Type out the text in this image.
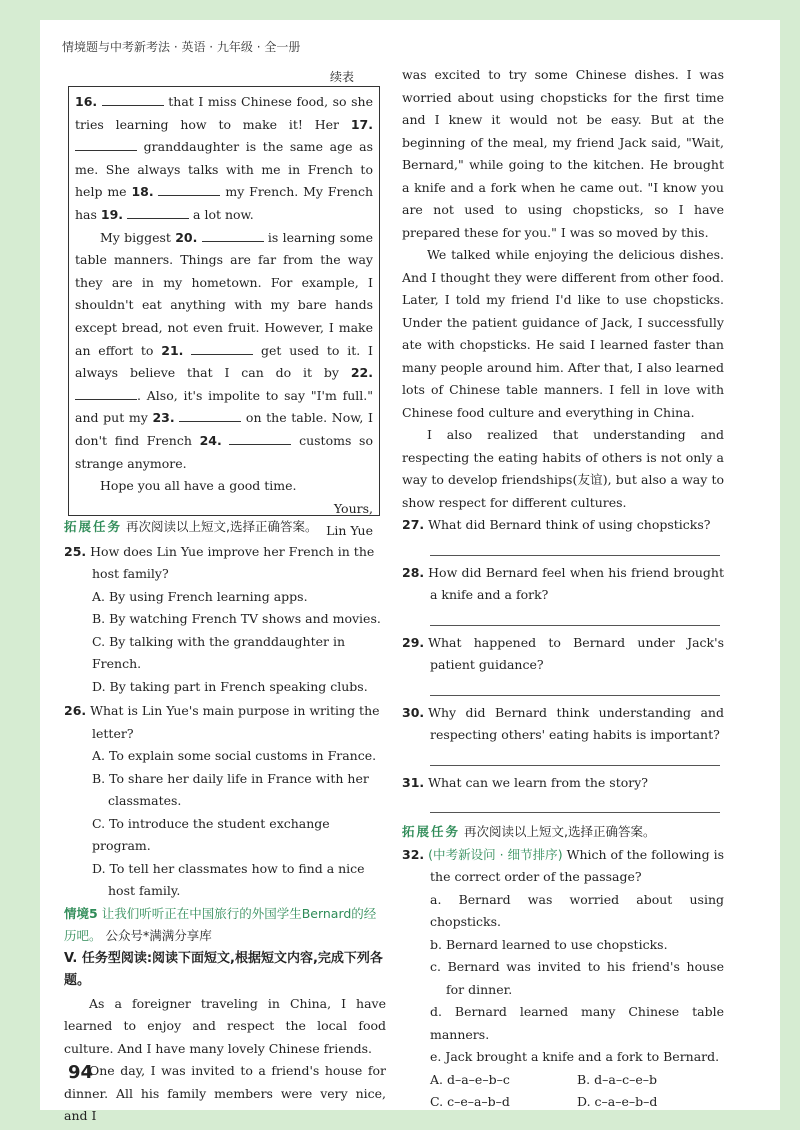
情境题与中考新考法 · 英语 · 九年级 · 全一册
续表

16.	that I miss Chinese food, so she tries learning how to make it! Her 17.  granddaughter is the same age as me. She always talks with me in French to help me 18.	my French. My French has 19.	a lot now.

My biggest 20.	is learning some table manners. Things are far from the way they are in my hometown. For example, I shouldn't eat anything with my bare hands except bread, not even fruit. However, I make an effort to 21.	get used to it. I always believe that I can do it by 22. . Also, it's impolite to say "I'm full." and put my 23.	on the table. Now, I don't find French 24.	customs so strange anymore.

Hope you all have a good time.

Yours,

Lin Yue

拓展任务 再次阅读以上短文,选择正确答案。
25. How does Lin Yue improve her French in the host family?
A. By using French learning apps.
B. By watching French TV shows and movies.
C. By talking with the granddaughter in French.
D. By taking part in French speaking clubs.
26. What is Lin Yue's main purpose in writing the letter?
A. To explain some social customs in France.
B. To share her daily life in France with her classmates.
C. To introduce the student exchange program.
D. To tell her classmates how to find a nice host family.
情境5 让我们听听正在中国旅行的外国学生Bernard的经历吧。 公众号*满满分享库
V. 任务型阅读:阅读下面短文,根据短文内容,完成下列各题。

As a foreigner traveling in China, I have learned to enjoy and respect the local food culture. And I have many lovely Chinese friends.

One day, I was invited to a friend's house for dinner. All his family members were very nice, and I

was excited to try some Chinese dishes. I was worried about using chopsticks for the first time and I knew it would not be easy. But at the beginning of the meal, my friend Jack said, "Wait, Bernard," while going to the kitchen. He brought a knife and a fork when he came out. "I know you are not used to using chopsticks, so I have prepared these for you." I was so moved by this.

We talked while enjoying the delicious dishes. And I thought they were different from other food. Later, I told my friend I'd like to use chopsticks. Under the patient guidance of Jack, I successfully ate with chopsticks. He said I learned faster than many people around him. After that, I also learned lots of Chinese table manners. I fell in love with Chinese food culture and everything in China.

I also realized that understanding and respecting the eating habits of others is not only a way to develop friendships(友谊), but also a way to show respect for different cultures.

27. What did Bernard think of using chopsticks?
28. How did Bernard feel when his friend brought a knife and a fork?
29. What happened to Bernard under Jack's patient guidance?
30. Why did Bernard think understanding and respecting others' eating habits is important?
31. What can we learn from the story?
拓展任务 再次阅读以上短文,选择正确答案。
32. (中考新设问 · 细节排序) Which of the following is the correct order of the passage?
a. Bernard was worried about using chopsticks.
b. Bernard learned to use chopsticks.
c. Bernard was invited to his friend's house for dinner.
d. Bernard learned many Chinese table manners.
e. Jack brought a knife and a fork to Bernard.
A. d–a–e–b–c	B. d–a–c–e–b
C. c–e–a–b–d	D. c–a–e–b–d
94
